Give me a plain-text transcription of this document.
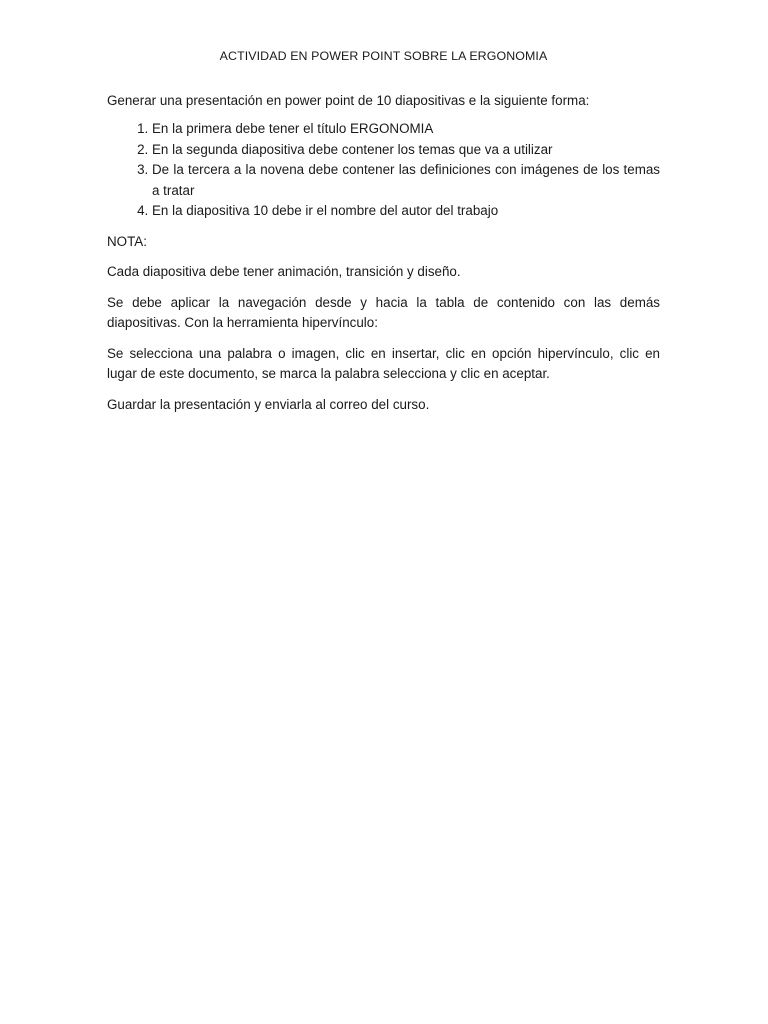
ACTIVIDAD EN POWER POINT SOBRE LA ERGONOMIA

Generar una presentación en power point de 10 diapositivas e la siguiente forma:

1. En la primera debe tener el título ERGONOMIA
2. En la segunda diapositiva debe contener los temas que va a utilizar
3. De la tercera a la novena debe contener las definiciones con imágenes de los temas a tratar
4. En la diapositiva 10 debe ir el nombre del autor del trabajo

NOTA:

Cada diapositiva debe tener animación, transición y diseño.

Se debe aplicar la navegación desde y hacia la tabla de contenido con las demás diapositivas. Con la herramienta hipervínculo:

Se selecciona una palabra o imagen, clic en insertar, clic en opción hipervínculo, clic en lugar de este documento, se marca la palabra selecciona y clic en aceptar.

Guardar la presentación y enviarla al correo del curso.
